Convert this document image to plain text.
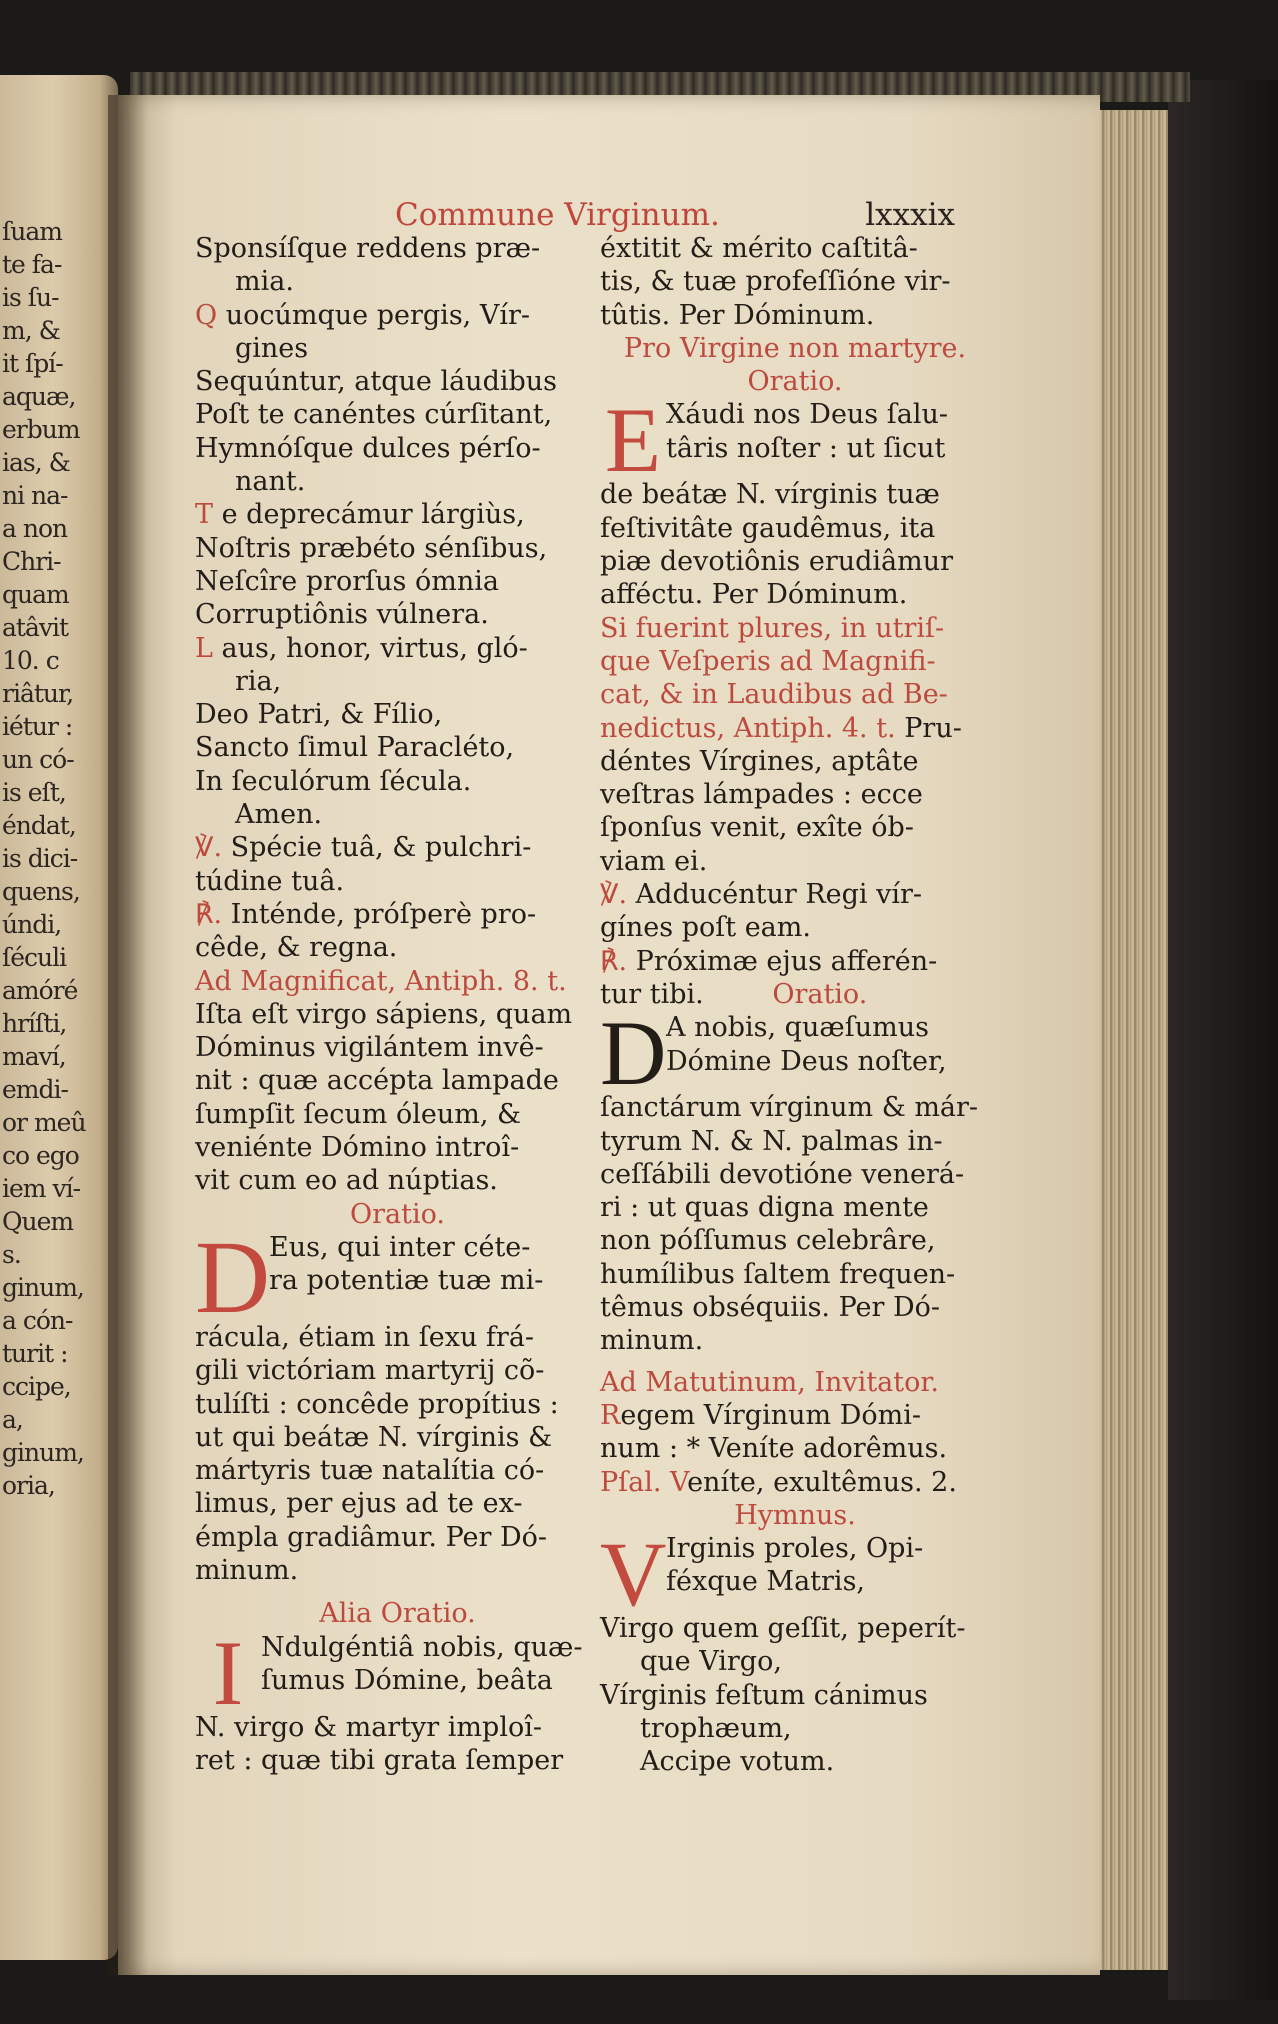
ſuam
te fa-
is ſu-
m, &
it ſpí-
aquæ,
erbum
ias, &
ni na-
a non
Chri-
quam
atâvit
10. c
riâtur,
iétur :
un có-
is eſt,
éndat,
is dici-
quens,
úndi,
ſéculi
amóré
hríſti,
maví,
emdi-
or meû
co ego
iem ví-
Quem
s.
ginum,
a cón-
turit :
ccipe,
a,
ginum,
oria,
Commune Virginum.	lxxxix
Sponsíſque reddens præ-
mia.
Q uocúmque pergis, Vír-
gines
Sequúntur, atque láudibus
Poſt te canéntes cúrſitant,
Hymnóſque dulces pérſo-
nant.
T e deprecámur lárgiùs,
Noſtris præbéto sénſibus,
Neſcîre prorſus ómnia
Corruptiônis vúlnera.
L aus, honor, virtus, gló-
ria,
Deo Patri, & Fílio,
Sancto ſimul Paracléto,
In ſeculórum ſécula.
Amen.
℣. Spécie tuâ, & pulchri-
túdine tuâ.
℟. Inténde, próſperè pro-
cêde, & regna.
Ad Magnificat, Antiph. 8. t.
Iſta eſt virgo sápiens, quam
Dóminus vigilántem invê-
nit : quæ accépta lampade
ſumpſit ſecum óleum, &
veniénte Dómino introî-
vit cum eo ad núptias.
Oratio.
D
Eus, qui inter céte-
ra potentiæ tuæ mi-
rácula, étiam in ſexu frá-
gili victóriam martyrij cõ-
tulíſti : concêde propítius :
ut qui beátæ N. vírginis &
mártyris tuæ natalítia có-
limus, per ejus ad te ex-
émpla gradiâmur. Per Dó-
minum.
Alia Oratio.
I Ndulgéntiâ nobis, quæ-
ſumus Dómine, beâta
N. virgo & martyr imploî-
ret : quæ tibi grata ſemper
éxtitit & mérito caſtitâ-
tis, & tuæ profeſſióne vir-
tûtis. Per Dóminum.
Pro Virgine non martyre.
Oratio.
E Xáudi nos Deus ſalu-
târis noſter : ut ſicut
de beátæ N. vírginis tuæ
feſtivitâte gaudêmus, ita
piæ devotiônis erudiâmur
afféctu. Per Dóminum.
Si fuerint plures, in utriſ-
que Veſperis ad Magnifi-
cat, & in Laudibus ad Be-
nedictus, Antiph. 4. t. Pru-
déntes Vírgines, aptâte
veſtras lámpades : ecce
ſponſus venit, exîte ób-
viam ei.
℣. Adducéntur Regi vír-
gínes poſt eam.
℟. Próximæ ejus afferén-
tur tibi.	Oratio.
D A nobis, quæſumus
Dómine Deus noſter,
ſanctárum vírginum & már-
tyrum N. & N. palmas in-
ceſſábili devotióne venerá-
ri : ut quas digna mente
non póſſumus celebrâre,
humílibus ſaltem frequen-
têmus obséquiis. Per Dó-
minum.
Ad Matutinum, Invitator.
Regem Vírginum Dómi-
num : * Veníte adorêmus.
Pſal. Veníte, exultêmus. 2.
Hymnus.
V Irginis proles, Opi-
féxque Matris,
Virgo quem geſſit, peperít-
que Virgo,
Vírginis feſtum cánimus
trophæum,
Accipe votum.
